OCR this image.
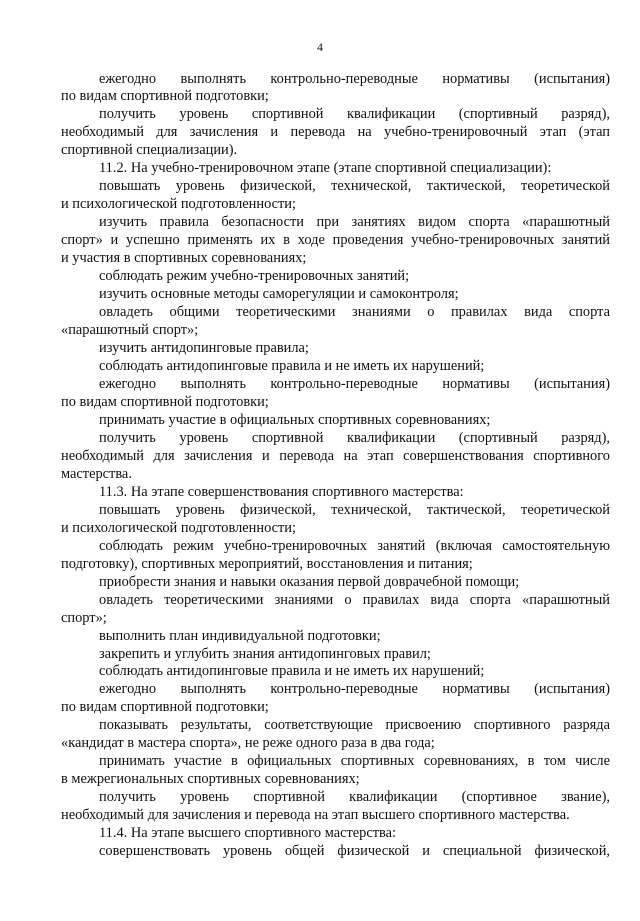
4
ежегодно выполнять контрольно-переводные нормативы (испытания)
по видам спортивной подготовки;
получить уровень спортивной квалификации (спортивный разряд),
необходимый для зачисления и перевода на учебно-тренировочный этап (этап
спортивной специализации).
11.2. На учебно-тренировочном этапе (этапе спортивной специализации):
повышать уровень физической, технической, тактической, теоретической
и психологической подготовленности;
изучить правила безопасности при занятиях видом спорта «парашютный
спорт» и успешно применять их в ходе проведения учебно-тренировочных занятий
и участия в спортивных соревнованиях;
соблюдать режим учебно-тренировочных занятий;
изучить основные методы саморегуляции и самоконтроля;
овладеть общими теоретическими знаниями о правилах вида спорта
«парашютный спорт»;
изучить антидопинговые правила;
соблюдать антидопинговые правила и не иметь их нарушений;
ежегодно выполнять контрольно-переводные нормативы (испытания)
по видам спортивной подготовки;
принимать участие в официальных спортивных соревнованиях;
получить уровень спортивной квалификации (спортивный разряд),
необходимый для зачисления и перевода на этап совершенствования спортивного
мастерства.
11.3. На этапе совершенствования спортивного мастерства:
повышать уровень физической, технической, тактической, теоретической
и психологической подготовленности;
соблюдать режим учебно-тренировочных занятий (включая самостоятельную
подготовку), спортивных мероприятий, восстановления и питания;
приобрести знания и навыки оказания первой доврачебной помощи;
овладеть теоретическими знаниями о правилах вида спорта «парашютный
спорт»;
выполнить план индивидуальной подготовки;
закрепить и углубить знания антидопинговых правил;
соблюдать антидопинговые правила и не иметь их нарушений;
ежегодно выполнять контрольно-переводные нормативы (испытания)
по видам спортивной подготовки;
показывать результаты, соответствующие присвоению спортивного разряда
«кандидат в мастера спорта», не реже одного раза в два года;
принимать участие в официальных спортивных соревнованиях, в том числе
в межрегиональных спортивных соревнованиях;
получить уровень спортивной квалификации (спортивное звание),
необходимый для зачисления и перевода на этап высшего спортивного мастерства.
11.4. На этапе высшего спортивного мастерства:
совершенствовать уровень общей физической и специальной физической,
